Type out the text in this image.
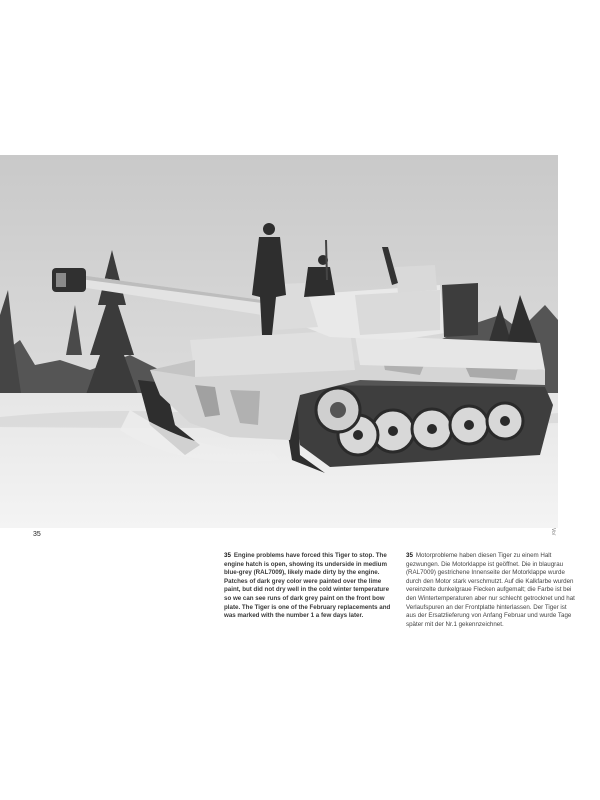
35	Vo/
35 Engine problems have forced this Tiger to stop. The engine hatch is open, showing its underside in medium blue-grey (RAL7009), likely made dirty by the engine. Patches of dark grey color were painted over the lime paint, but did not dry well in the cold winter temperature so we can see runs of dark grey paint on the front bow plate. The Tiger is one of the February replacements and was marked with the number 1 a few days later.
35 Motorprobleme haben diesen Tiger zu einem Halt gezwungen. Die Motorklappe ist geöffnet. Die in blaugrau (RAL7009) gestrichene Innenseite der Motorklappe wurde durch den Motor stark verschmutzt. Auf die Kalkfarbe wurden vereinzelte dunkelgraue Flecken aufgemalt; die Farbe ist bei den Wintertemperaturen aber nur schlecht getrocknet und hat Verlaufspuren an der Frontplatte hinterlassen. Der Tiger ist aus der Ersatzlieferung von Anfang Februar und wurde Tage später mit der Nr.1 gekennzeichnet.
